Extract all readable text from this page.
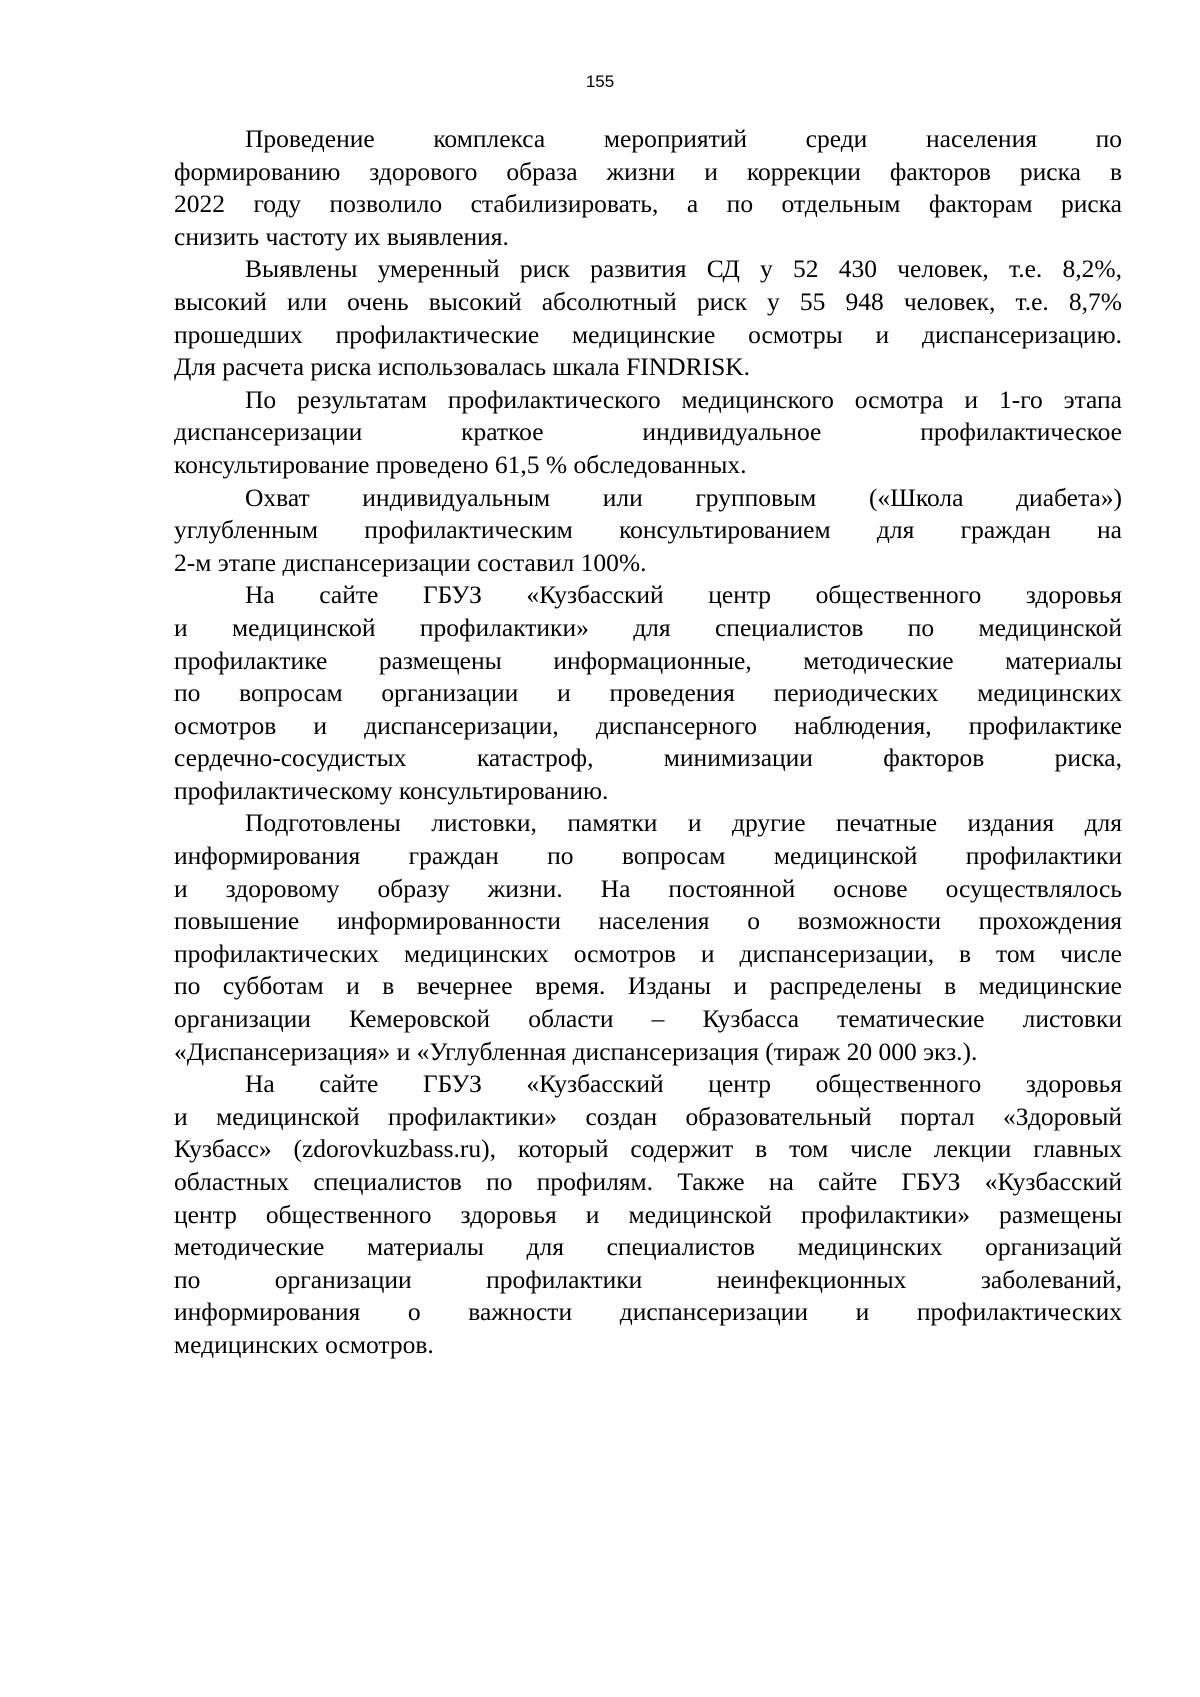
155
Проведение комплекса мероприятий среди населения по
формированию здорового образа жизни и коррекции факторов риска в
2022 году позволило стабилизировать, а по отдельным факторам риска
снизить частоту их выявления.
Выявлены умеренный риск развития СД у 52 430 человек, т.е. 8,2%,
высокий или очень высокий абсолютный риск у 55 948 человек, т.е. 8,7%
прошедших профилактические медицинские осмотры и диспансеризацию.
Для расчета риска использовалась шкала FINDRISK.
По результатам профилактического медицинского осмотра и 1-го этапа
диспансеризации краткое индивидуальное профилактическое
консультирование проведено 61,5 % обследованных.
Охват индивидуальным или групповым («Школа диабета»)
углубленным профилактическим консультированием для граждан на
2-м этапе диспансеризации составил 100%.
На сайте ГБУЗ «Кузбасский центр общественного здоровья
и медицинской профилактики» для специалистов по медицинской
профилактике размещены информационные, методические материалы
по вопросам организации и проведения периодических медицинских
осмотров и диспансеризации, диспансерного наблюдения, профилактике
сердечно-сосудистых катастроф, минимизации факторов риска,
профилактическому консультированию.
Подготовлены листовки, памятки и другие печатные издания для
информирования граждан по вопросам медицинской профилактики
и здоровому образу жизни. На постоянной основе осуществлялось
повышение информированности населения о возможности прохождения
профилактических медицинских осмотров и диспансеризации, в том числе
по субботам и в вечернее время. Изданы и распределены в медицинские
организации Кемеровской области – Кузбасса тематические листовки
«Диспансеризация» и «Углубленная диспансеризация (тираж 20 000 экз.).
На сайте ГБУЗ «Кузбасский центр общественного здоровья
и медицинской профилактики» создан образовательный портал «Здоровый
Кузбасс» (zdorovkuzbass.ru), который содержит в том числе лекции главных
областных специалистов по профилям. Также на сайте ГБУЗ «Кузбасский
центр общественного здоровья и медицинской профилактики» размещены
методические материалы для специалистов медицинских организаций
по организации профилактики неинфекционных заболеваний,
информирования о важности диспансеризации и профилактических
медицинских осмотров.
